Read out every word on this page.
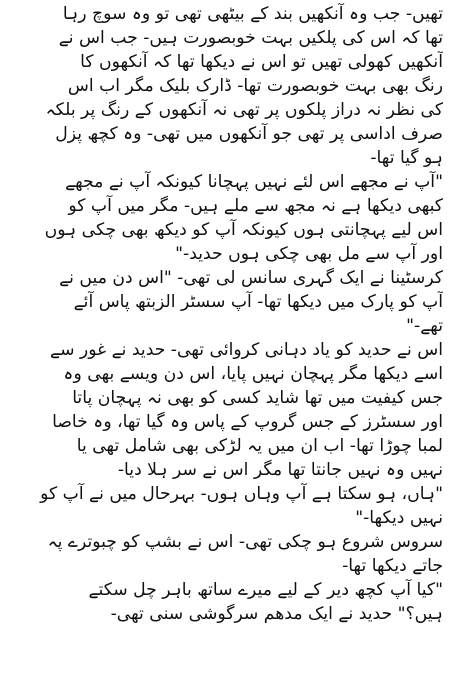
تھیں- جب وہ آنکھیں بند کے بیٹھی تھی تو وہ سوچ رہا
تھا کہ اس کی پلکیں بہت خوبصورت ہیں- جب اس نے
آنکھیں کھولی تھیں تو اس نے دیکھا تھا کہ آنکھوں کا
رنگ بھی بہت خوبصورت تھا- ڈارک بلیک مگر اب اس
کی نظر نہ دراز پلکوں پر تھی نہ آنکھوں کے رنگ پر بلکہ
صرف اداسی پر تھی جو آنکھوں میں تھی- وہ کچھ پزل
ہو گیا تھا-
"آپ نے مجھے اس لئے نہیں پہچانا کیونکہ آپ نے مجھے
کبھی دیکھا ہے نہ مجھ سے ملے ہیں- مگر میں آپ کو
اس لیے پہچانتی ہوں کیونکہ آپ کو دیکھ بھی چکی ہوں
اور آپ سے مل بھی چکی ہوں حدید-"
کرسٹینا نے ایک گہری سانس لی تھی- "اس دن میں نے
آپ کو پارک میں دیکھا تھا- آپ سسٹر الزبتھ پاس آئے
تھے-"
اس نے حدید کو یاد دہانی کروائی تھی- حدید نے غور سے
اسے دیکھا مگر پہچان نہیں پایا، اس دن ویسے بھی وہ
جس کیفیت میں تھا شاید کسی کو بھی نہ پہچان پاتا
اور سسٹرز کے جس گروپ کے پاس وہ گیا تھا، وہ خاصا
لمبا چوڑا تھا- اب ان میں یہ لڑکی بھی شامل تھی یا
نہیں وہ نہیں جانتا تھا مگر اس نے سر ہلا دیا-
"ہاں، ہو سکتا ہے آپ وہاں ہوں- بہرحال میں نے آپ کو
نہیں دیکھا-"
سروس شروع ہو چکی تھی- اس نے بشپ کو چبوترے پہ
جاتے دیکھا تھا-
"کیا آپ کچھ دیر کے لیے میرے ساتھ باہر چل سکتے
ہیں؟" حدید نے ایک مدھم سرگوشی سنی تھی-
